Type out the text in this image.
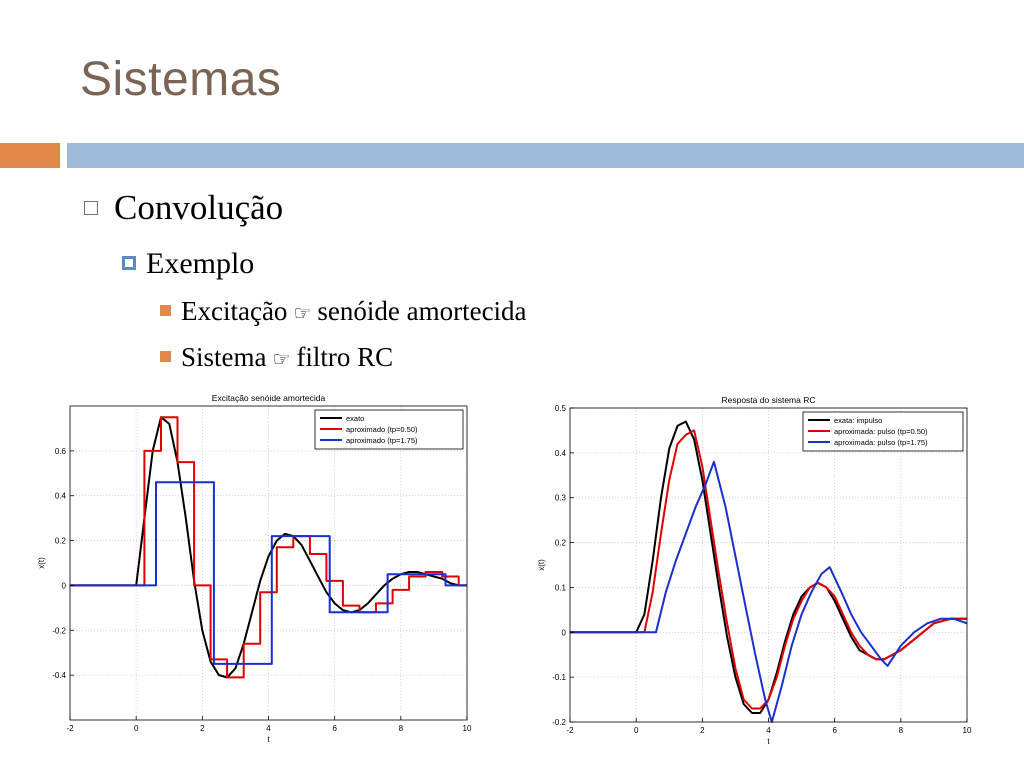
Sistemas
Convolução
Exemplo
Excitação ☞ senóide amortecida
Sistema ☞ filtro RC
-2	0	2	4	6	8	10
-0.4
-0.2
0
0.2
0.4
0.6
Excitação senóide amortecida
t
x(t)
exato
aproximado (tp=0.50)
aproximado (tp=1.75)
-2	0	2	4	6	8	10
-0.2
-0.1
0
0.1
0.2
0.3
0.4
0.5
Resposta do sistema RC
t
x(t)
exata: impulso
aproximada: pulso (tp=0.50)
aproximada: pulso (tp=1.75)
